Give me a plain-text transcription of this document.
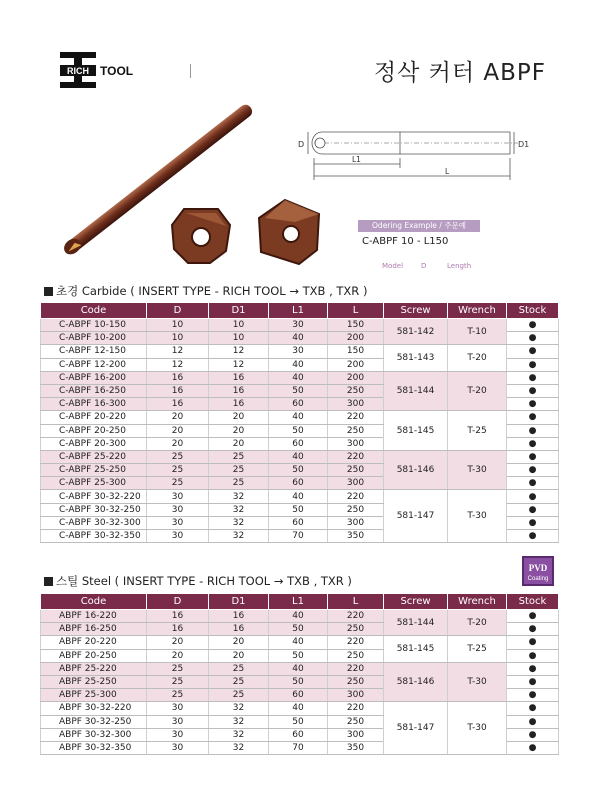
RICH TOOL	정삭 커터 ABPF
D	D1
L1
L
Odering Example / 주문예
C-ABPF 10 - L150
Model	D	Length
초경 Carbide ( INSERT TYPE - RICH TOOL → TXB , TXR )
Code	D	D1	L1	L	Screw	Wrench	Stock
C-ABPF 10-150	10	10	30	150	581-142	T-10	●
C-ABPF 10-200	10	10	40	200			●
C-ABPF 12-150	12	12	30	150	581-143	T-20	●
C-ABPF 12-200	12	12	40	200			●
C-ABPF 16-200	16	16	40	200	581-144	T-20	●
C-ABPF 16-250	16	16	50	250			●
C-ABPF 16-300	16	16	60	300			●
C-ABPF 20-220	20	20	40	220	581-145	T-25	●
C-ABPF 20-250	20	20	50	250			●
C-ABPF 20-300	20	20	60	300			●
C-ABPF 25-220	25	25	40	220	581-146	T-30	●
C-ABPF 25-250	25	25	50	250			●
C-ABPF 25-300	25	25	60	300			●
C-ABPF 30-32-220	30	32	40	220	581-147	T-30	●
C-ABPF 30-32-250	30	32	50	250			●
C-ABPF 30-32-300	30	32	60	300			●
C-ABPF 30-32-350	30	32	70	350			●
스틸 Steel ( INSERT TYPE - RICH TOOL → TXB , TXR )
PVD
Coating
Code	D	D1	L1	L	Screw	Wrench	Stock
ABPF 16-220	16	16	40	220	581-144	T-20	●
ABPF 16-250	16	16	50	250			●
ABPF 20-220	20	20	40	220	581-145	T-25	●
ABPF 20-250	20	20	50	250			●
ABPF 25-220	25	25	40	220	581-146	T-30	●
ABPF 25-250	25	25	50	250			●
ABPF 25-300	25	25	60	300			●
ABPF 30-32-220	30	32	40	220	581-147	T-30	●
ABPF 30-32-250	30	32	50	250			●
ABPF 30-32-300	30	32	60	300			●
ABPF 30-32-350	30	32	70	350			●
